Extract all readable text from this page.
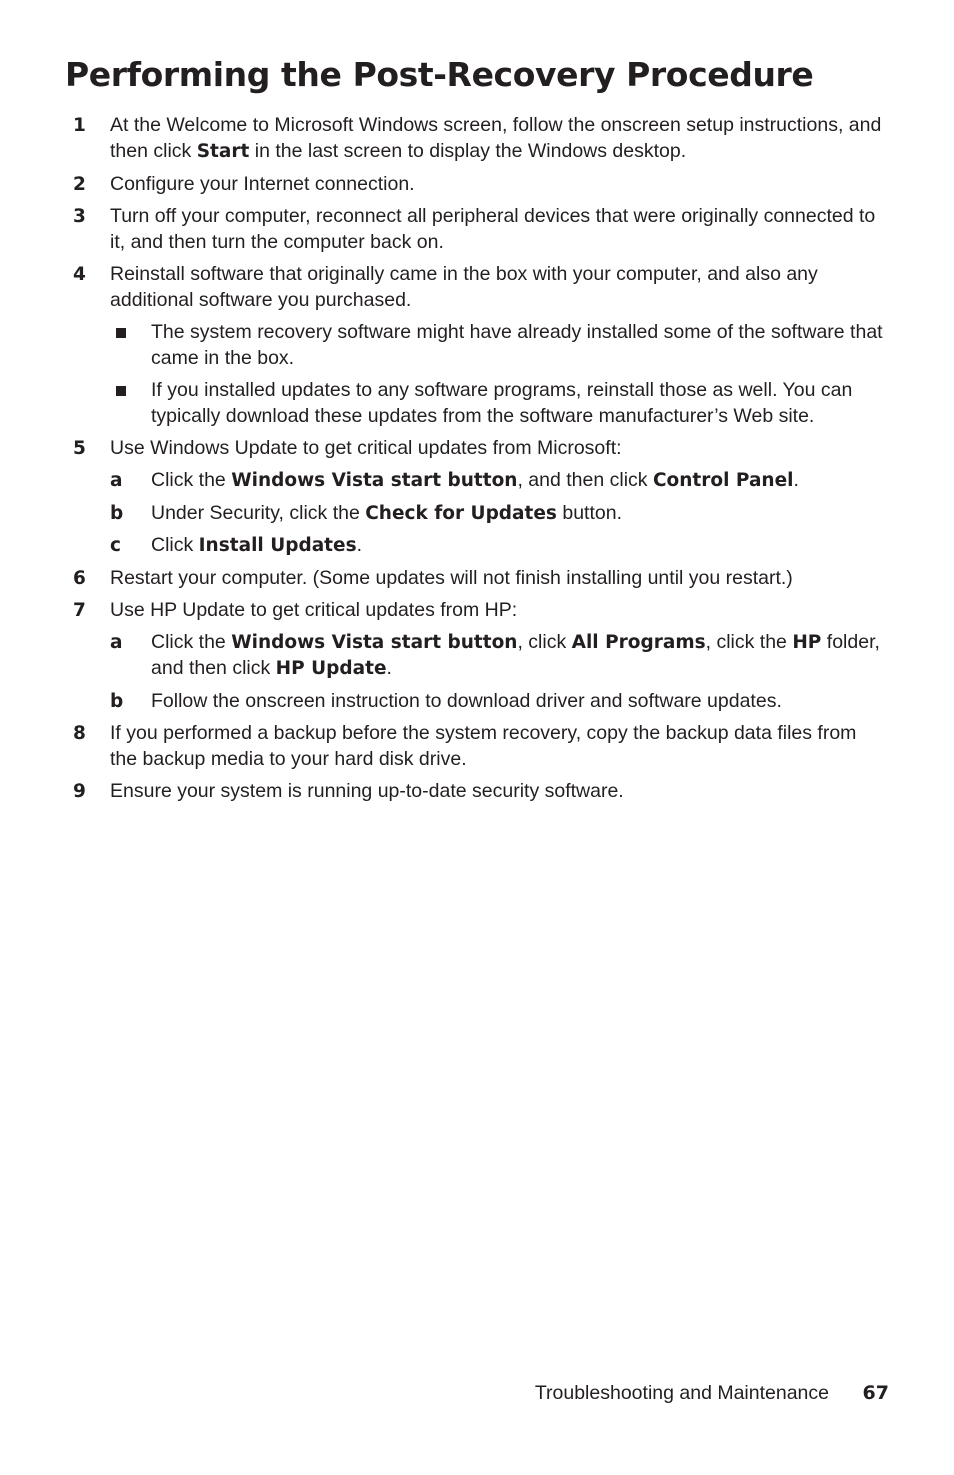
Performing the Post-Recovery Procedure
1 At the Welcome to Microsoft Windows screen, follow the onscreen setup instructions, and then click Start in the last screen to display the Windows desktop.
2 Configure your Internet connection.
3 Turn off your computer, reconnect all peripheral devices that were originally connected to it, and then turn the computer back on.
4 Reinstall software that originally came in the box with your computer, and also any additional software you purchased.
The system recovery software might have already installed some of the software that came in the box.
If you installed updates to any software programs, reinstall those as well. You can typically download these updates from the software manufacturer’s Web site.
5 Use Windows Update to get critical updates from Microsoft:
a Click the Windows Vista start button, and then click Control Panel.
b Under Security, click the Check for Updates button.
c Click Install Updates.
6 Restart your computer. (Some updates will not finish installing until you restart.)
7 Use HP Update to get critical updates from HP:
a Click the Windows Vista start button, click All Programs, click the HP folder, and then click HP Update.
b Follow the onscreen instruction to download driver and software updates.
8 If you performed a backup before the system recovery, copy the backup data files from the backup media to your hard disk drive.
9 Ensure your system is running up-to-date security software.
Troubleshooting and Maintenance 67
